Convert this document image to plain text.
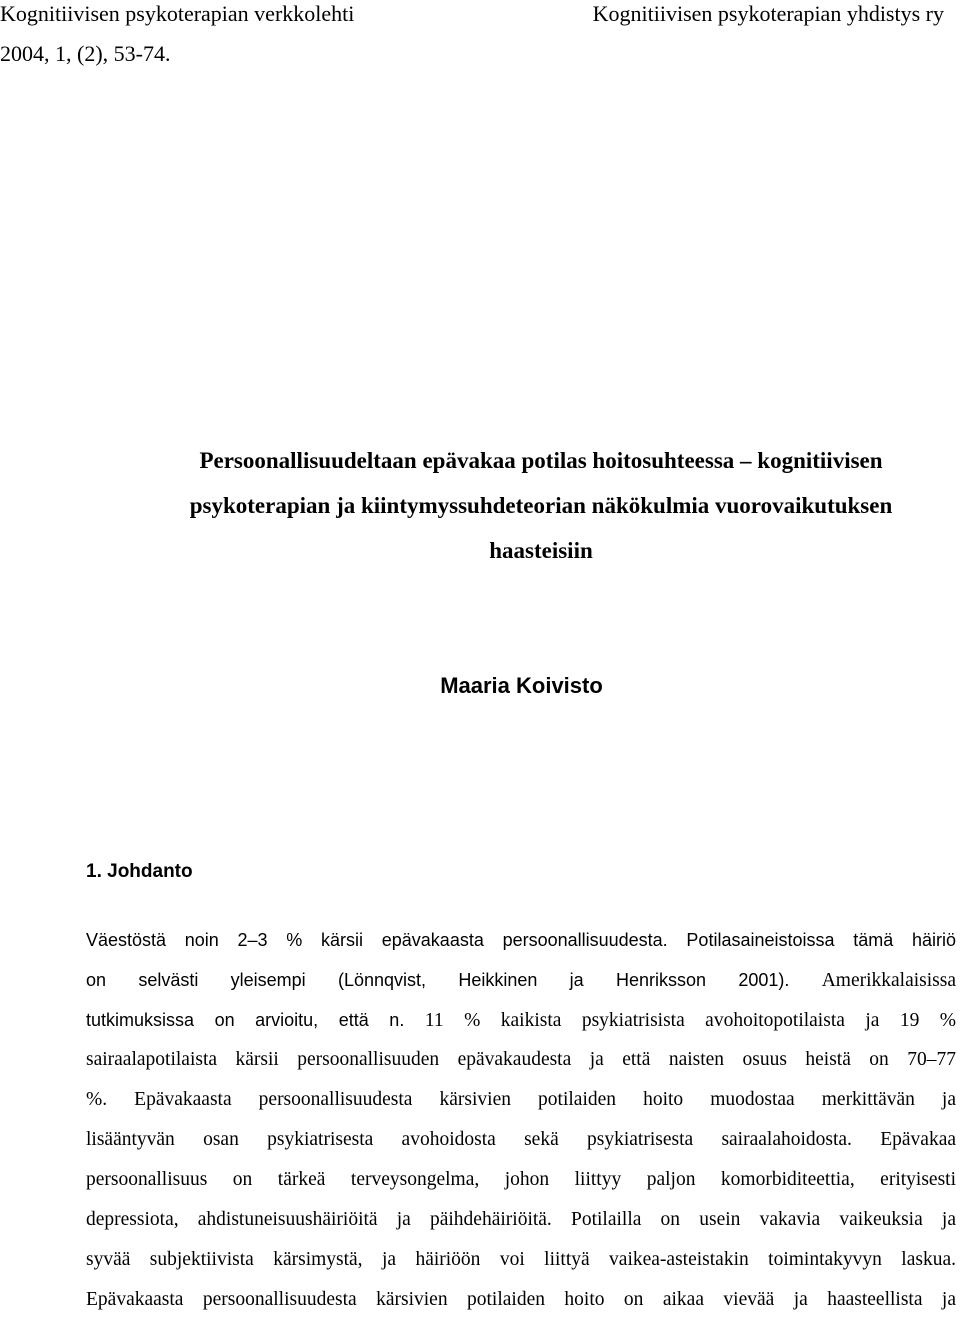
Kognitiivisen psykoterapian verkkolehti	Kognitiivisen psykoterapian yhdistys ry
2004, 1, (2), 53-74.
Persoonallisuudeltaan epävakaa potilas hoitosuhteessa – kognitiivisen
psykoterapian ja kiintymyssuhdeteorian näkökulmia vuorovaikutuksen
haasteisiin
Maaria Koivisto
1. Johdanto
Väestöstä noin 2–3 % kärsii epävakaasta persoonallisuudesta. Potilasaineistoissa tämä häiriö
on selvästi yleisempi (Lönnqvist, Heikkinen ja Henriksson 2001). Amerikkalaisissa
tutkimuksissa on arvioitu, että n. 11 % kaikista psykiatrisista avohoitopotilaista ja 19 %
sairaalapotilaista kärsii persoonallisuuden epävakaudesta ja että naisten osuus heistä on 70–77
%. Epävakaasta persoonallisuudesta kärsivien potilaiden hoito muodostaa merkittävän ja
lisääntyvän osan psykiatrisesta avohoidosta sekä psykiatrisesta sairaalahoidosta. Epävakaa
persoonallisuus on tärkeä terveysongelma, johon liittyy paljon komorbiditeettia, erityisesti
depressiota, ahdistuneisuushäiriöitä ja päihdehäiriöitä. Potilailla on usein vakavia vaikeuksia ja
syvää subjektiivista kärsimystä, ja häiriöön voi liittyä vaikea-asteistakin toimintakyvyn laskua.
Epävakaasta persoonallisuudesta kärsivien potilaiden hoito on aikaa vievää ja haasteellista ja
